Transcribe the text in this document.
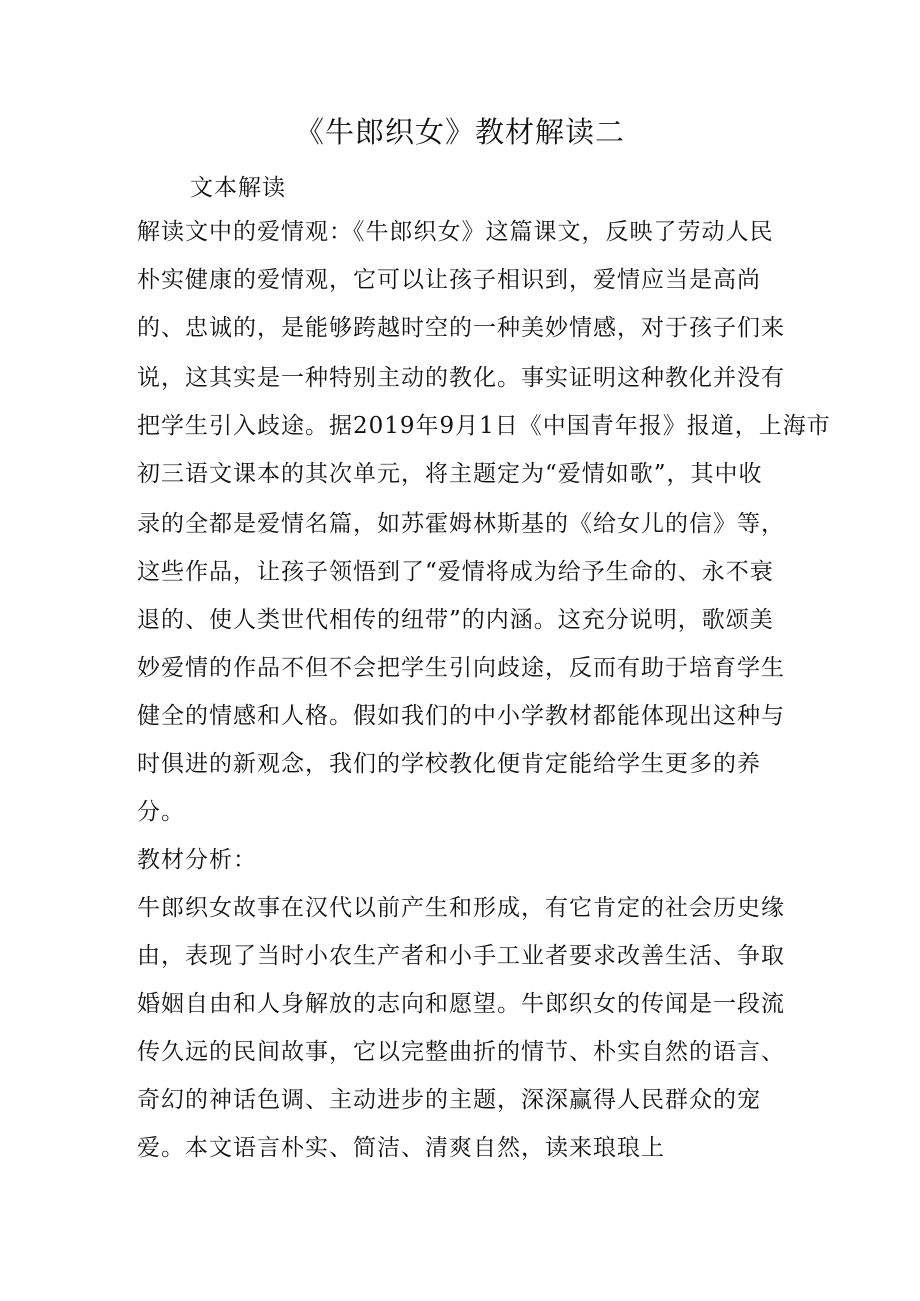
《牛郎织女》教材解读二
文本解读
解读文中的爱情观：《牛郎织女》这篇课文，反映了劳动人民
朴实健康的爱情观，它可以让孩子相识到，爱情应当是高尚
的、忠诚的，是能够跨越时空的一种美妙情感，对于孩子们来
说，这其实是一种特别主动的教化。事实证明这种教化并没有
把学生引入歧途。据2019年9月1日《中国青年报》报道，上海市
初三语文课本的其次单元，将主题定为“爱情如歌”，其中收
录的全都是爱情名篇，如苏霍姆林斯基的《给女儿的信》等，
这些作品，让孩子领悟到了“爱情将成为给予生命的、永不衰
退的、使人类世代相传的纽带”的内涵。这充分说明，歌颂美
妙爱情的作品不但不会把学生引向歧途，反而有助于培育学生
健全的情感和人格。假如我们的中小学教材都能体现出这种与
时俱进的新观念，我们的学校教化便肯定能给学生更多的养
分。
教材分析：
牛郎织女故事在汉代以前产生和形成，有它肯定的社会历史缘
由，表现了当时小农生产者和小手工业者要求改善生活、争取
婚姻自由和人身解放的志向和愿望。牛郎织女的传闻是一段流
传久远的民间故事，它以完整曲折的情节、朴实自然的语言、
奇幻的神话色调、主动进步的主题，深深赢得人民群众的宠
爱。本文语言朴实、简洁、清爽自然，读来琅琅上
